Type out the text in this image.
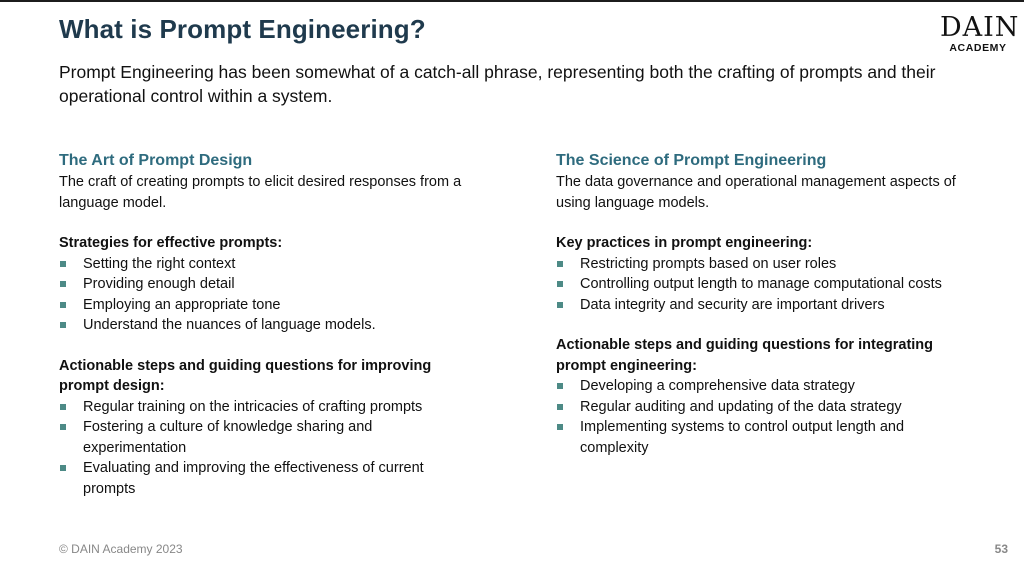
What is Prompt Engineering?	DAIN
ACADEMY
Prompt Engineering has been somewhat of a catch-all phrase, representing both the crafting of prompts and their operational control within a system.
The Art of Prompt Design

The craft of creating prompts to elicit desired responses from a language model.

Strategies for effective prompts:
Setting the right context
Providing enough detail
Employing an appropriate tone
Understand the nuances of language models.
Actionable steps and guiding questions for improving prompt design:
Regular training on the intricacies of crafting prompts
Fostering a culture of knowledge sharing and experimentation
Evaluating and improving the effectiveness of current prompts
The Science of Prompt Engineering

The data governance and operational management aspects of using language models.

Key practices in prompt engineering:
Restricting prompts based on user roles
Controlling output length to manage computational costs
Data integrity and security are important drivers
Actionable steps and guiding questions for integrating prompt engineering:
Developing a comprehensive data strategy
Regular auditing and updating of the data strategy
Implementing systems to control output length and complexity
© DAIN Academy 2023	53
